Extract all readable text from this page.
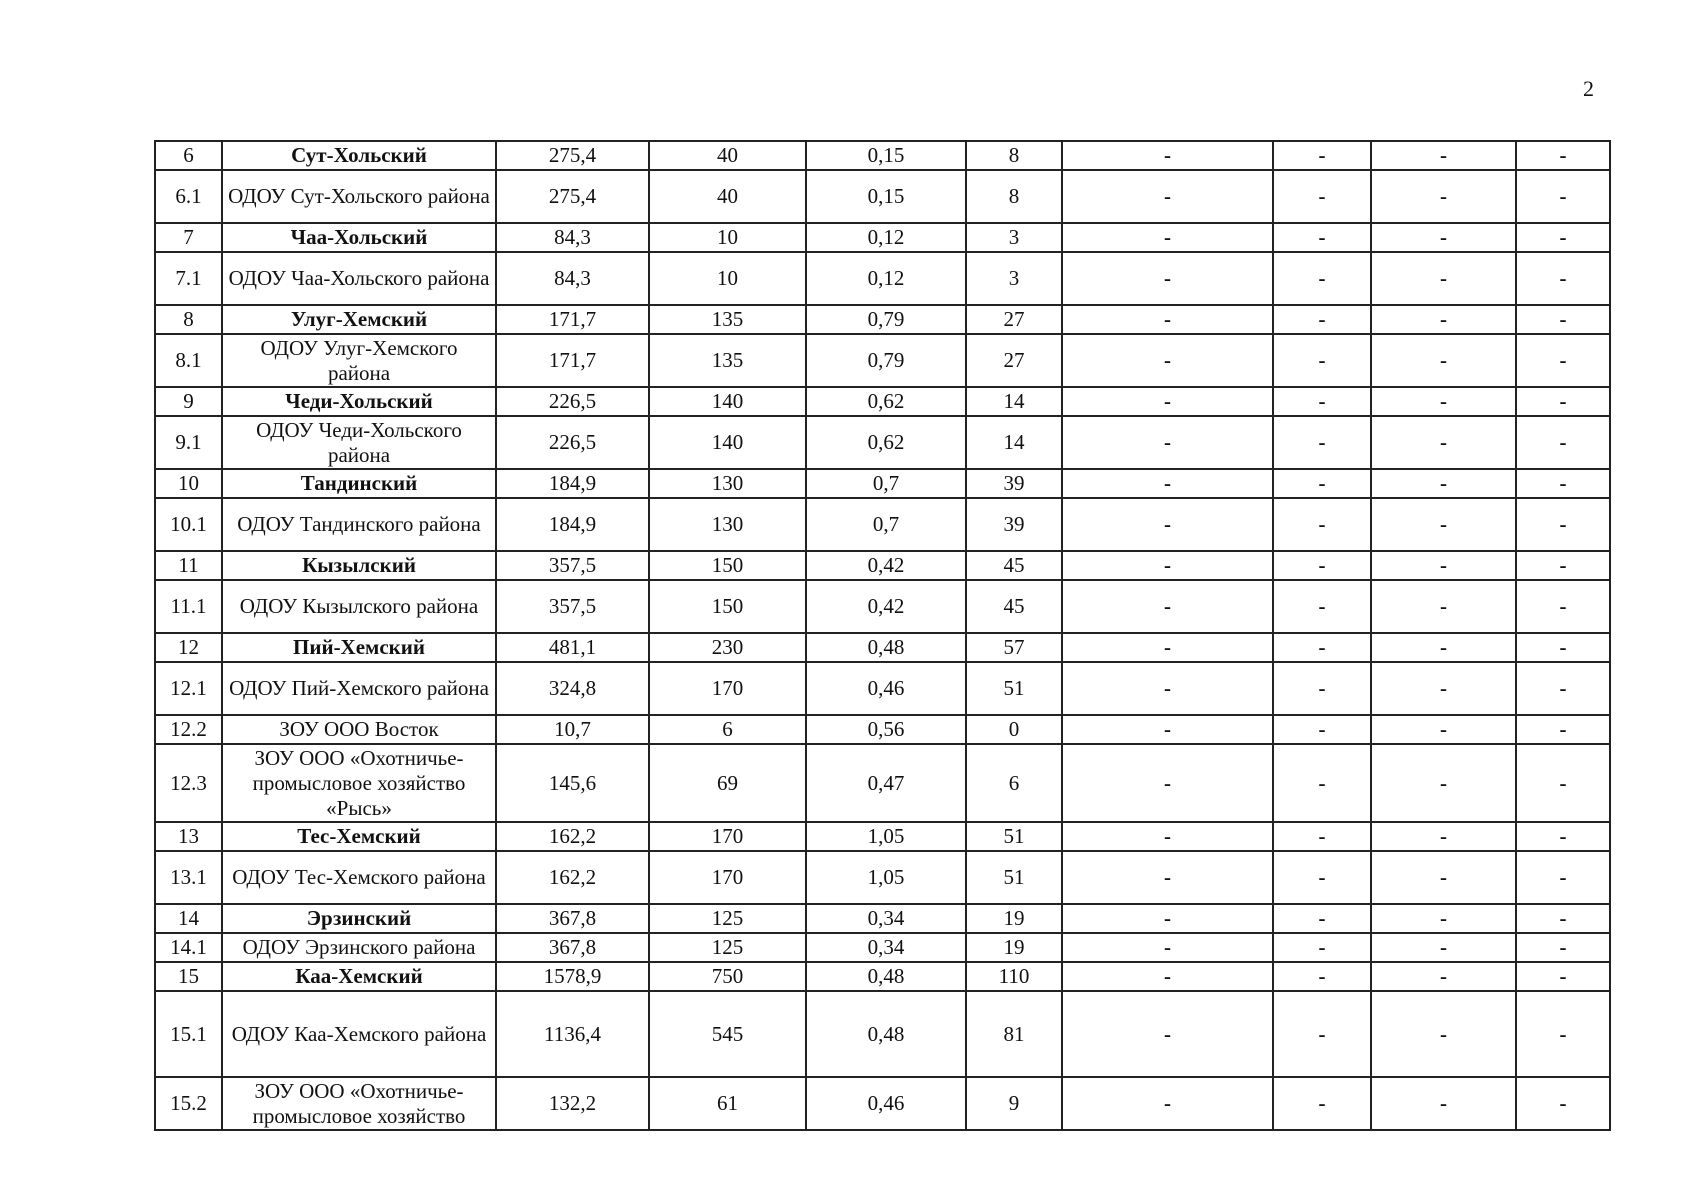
2
6	Сут-Хольский	275,4	40	0,15	8	-	-	-	-
6.1	ОДОУ Сут-Хольского района	275,4	40	0,15	8	-	-	-	-
7	Чаа-Хольский	84,3	10	0,12	3	-	-	-	-
7.1	ОДОУ Чаа-Хольского района	84,3	10	0,12	3	-	-	-	-
8	Улуг-Хемский	171,7	135	0,79	27	-	-	-	-
8.1	ОДОУ Улуг-Хемского района	171,7	135	0,79	27	-	-	-	-
9	Чеди-Хольский	226,5	140	0,62	14	-	-	-	-
9.1	ОДОУ Чеди-Хольского района	226,5	140	0,62	14	-	-	-	-
10	Тандинский	184,9	130	0,7	39	-	-	-	-
10.1	ОДОУ Тандинского района	184,9	130	0,7	39	-	-	-	-
11	Кызылский	357,5	150	0,42	45	-	-	-	-
11.1	ОДОУ Кызылского района	357,5	150	0,42	45	-	-	-	-
12	Пий-Хемский	481,1	230	0,48	57	-	-	-	-
12.1	ОДОУ Пий-Хемского района	324,8	170	0,46	51	-	-	-	-
12.2	ЗОУ ООО Восток	10,7	6	0,56	0	-	-	-	-
12.3	ЗОУ ООО «Охотничье-промысловое хозяйство «Рысь»	145,6	69	0,47	6	-	-	-	-
13	Тес-Хемский	162,2	170	1,05	51	-	-	-	-
13.1	ОДОУ Тес-Хемского района	162,2	170	1,05	51	-	-	-	-
14	Эрзинский	367,8	125	0,34	19	-	-	-	-
14.1	ОДОУ Эрзинского района	367,8	125	0,34	19	-	-	-	-
15	Каа-Хемский	1578,9	750	0,48	110	-	-	-	-
15.1	ОДОУ Каа-Хемского района	1136,4	545	0,48	81	-	-	-	-
15.2	ЗОУ ООО «Охотничье-промысловое хозяйство	132,2	61	0,46	9	-	-	-	-
